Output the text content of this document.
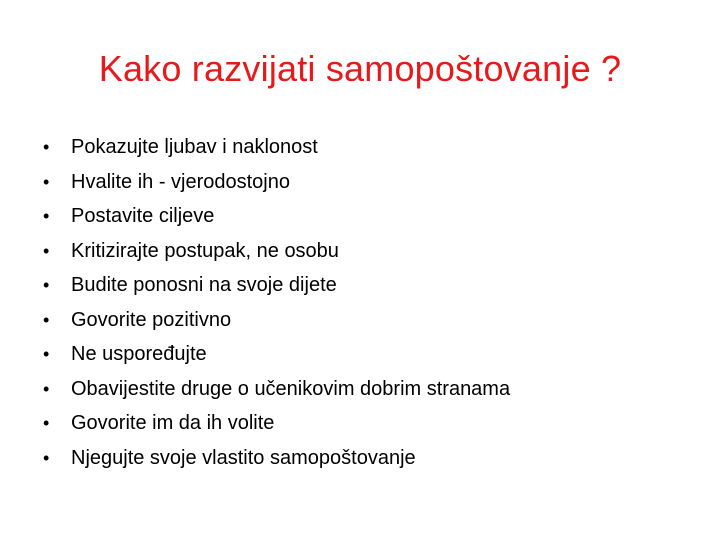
Kako razvijati samopoštovanje ?
•	Pokazujte ljubav i naklonost
•	Hvalite ih - vjerodostojno
•	Postavite ciljeve
•	Kritizirajte postupak, ne osobu
•	Budite ponosni na svoje dijete
•	Govorite pozitivno
•	Ne uspoređujte
•	Obavijestite druge o učenikovim dobrim stranama
•	Govorite im da ih volite
•	Njegujte svoje vlastito samopoštovanje
